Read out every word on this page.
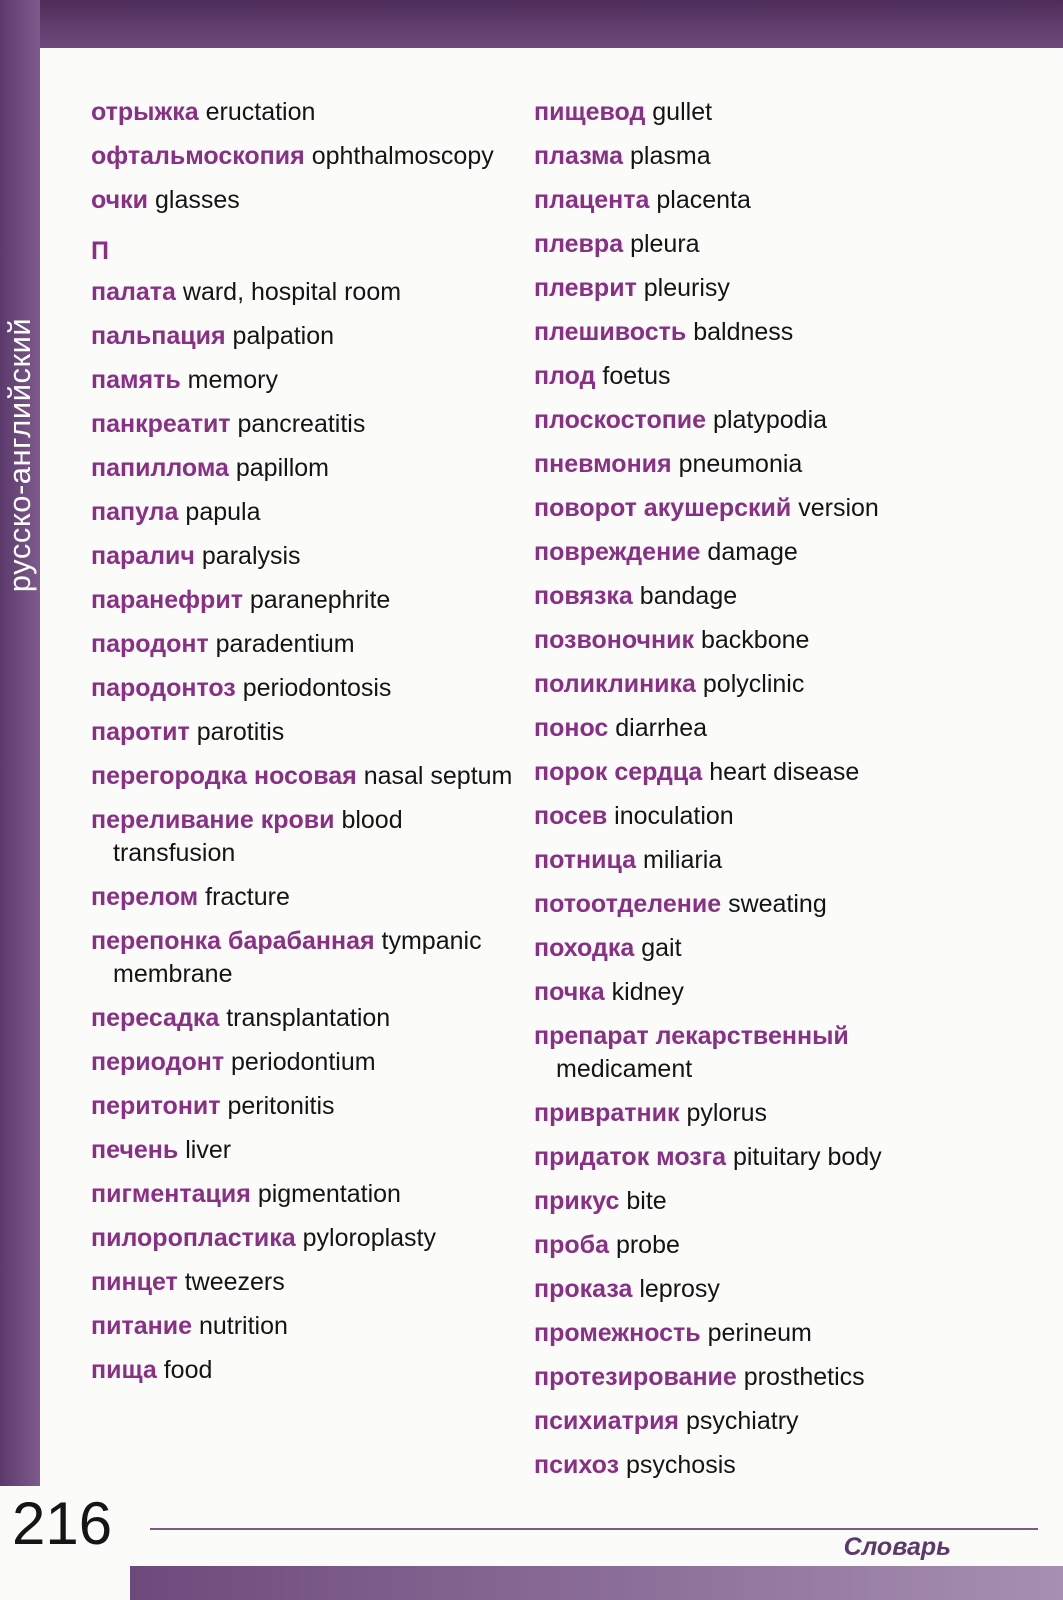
русско-английский
отрыжка eructation
офтальмоскопия ophthalmoscopy
очки glasses
П
палата ward, hospital room
пальпация palpation
память memory
панкреатит pancreatitis
папиллома papillom
папула papula
паралич paralysis
паранефрит paranephrite
пародонт paradentium
пародонтоз periodontosis
паротит parotitis
перегородка носовая nasal septum
переливание крови blood transfusion
перелом fracture
перепонка барабанная tympanic membrane
пересадка transplantation
периодонт periodontium
перитонит peritonitis
печень liver
пигментация pigmentation
пилоропластика pyloroplasty
пинцет tweezers
питание nutrition
пища food
пищевод gullet
плазма plasma
плацента placenta
плевра pleura
плеврит pleurisy
плешивость baldness
плод foetus
плоскостопие platypodia
пневмония pneumonia
поворот акушерский version
повреждение damage
повязка bandage
позвоночник backbone
поликлиника polyclinic
понос diarrhea
порок сердца heart disease
посев inoculation
потница miliaria
потоотделение sweating
походка gait
почка kidney
препарат лекарственный medicament
привратник pylorus
придаток мозга pituitary body
прикус bite
проба probe
проказа leprosy
промежность perineum
протезирование prosthetics
психиатрия psychiatry
психоз psychosis
216	Словарь
